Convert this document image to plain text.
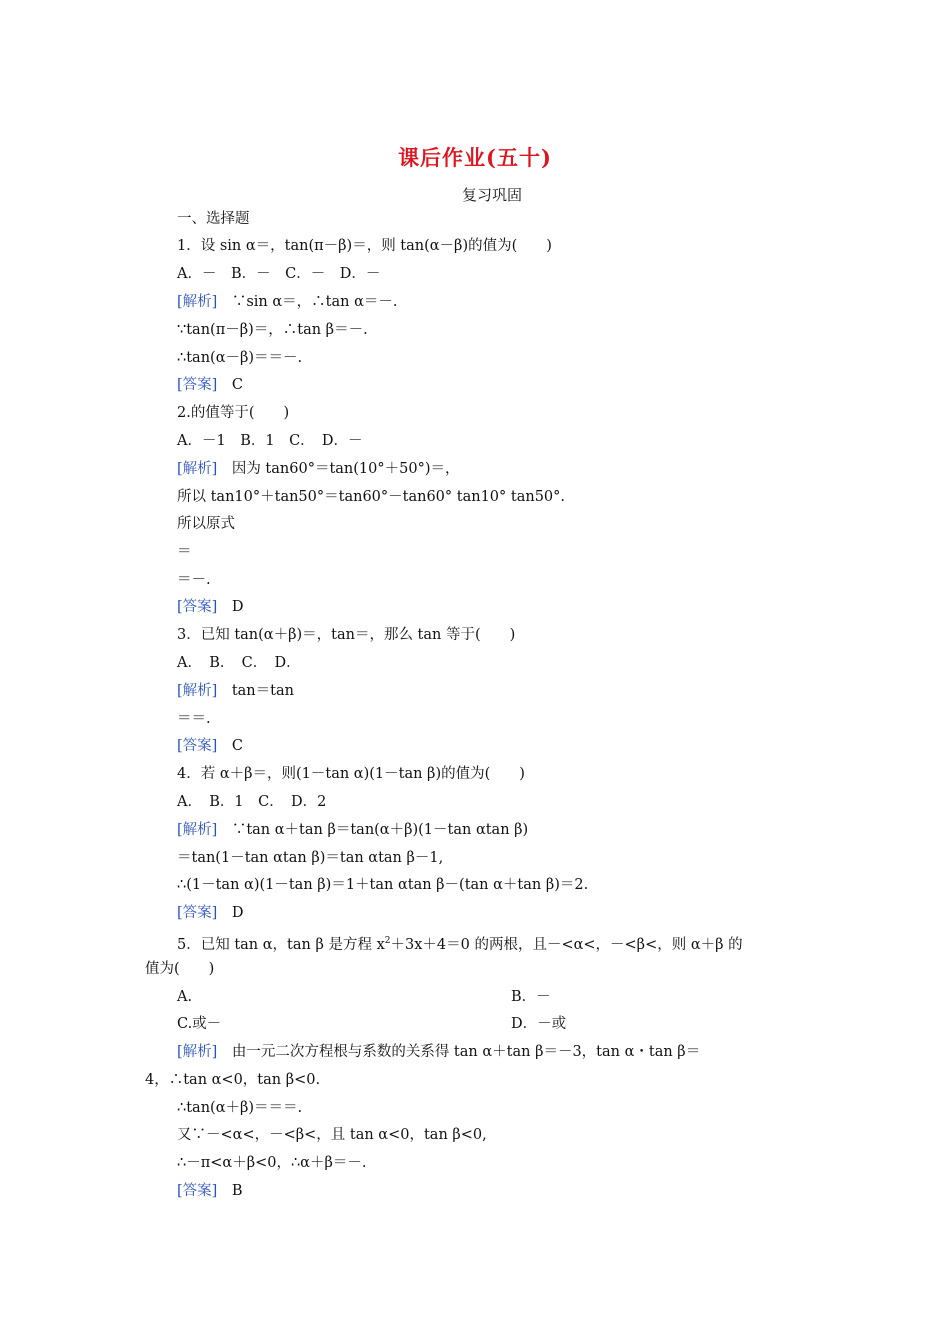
课后作业(五十)
复习巩固
一、选择题
1．设 sin α＝，tan(π－β)＝，则 tan(α－β)的值为(　　)
A．－　B．－　C．－　D．－
[解析]　 ∵sin α＝，∴tan α＝－.
∵tan(π－β)＝，∴tan β＝－.
∴tan(α－β)＝＝－.
[答案]　 C
2.的值等于(　　)
A．－1　B．1　C．　D．－
[解析]　 因为 tan60°＝tan(10°＋50°)＝，
所以 tan10°＋tan50°＝tan60°－tan60° tan10° tan50°.
所以原式
＝
＝－.
[答案]　 D
3．已知 tan(α＋β)＝，tan＝，那么 tan 等于(　　)
A．　B．　C．　D．
[解析]　 tan＝tan
＝＝.
[答案]　 C
4．若 α＋β＝，则(1－tan α)(1－tan β)的值为(　　)
A．　B．1　C．　D．2
[解析]　 ∵tan α＋tan β＝tan(α＋β)(1－tan αtan β)
＝tan(1－tan αtan β)＝tan αtan β－1,
∴(1－tan α)(1－tan β)＝1＋tan αtan β－(tan α＋tan β)＝2.
[答案]　 D
5．已知 tan α，tan β 是方程 $x^2+3x+4=0$ 的两根，且－<α<，－<β<，则 α＋β 的
值为(　　)
A.	B．－
C.或－	D．－或
[解析]　 由一元二次方程根与系数的关系得 tan α＋tan β＝－3，tan α・tan β＝
4，∴tan α<0，tan β<0.
∴tan(α＋β)＝＝＝.
又∵－<α<，－<β<，且 tan α<0，tan β<0,
∴－π<α＋β<0，∴α＋β＝－.
[答案]　 B
